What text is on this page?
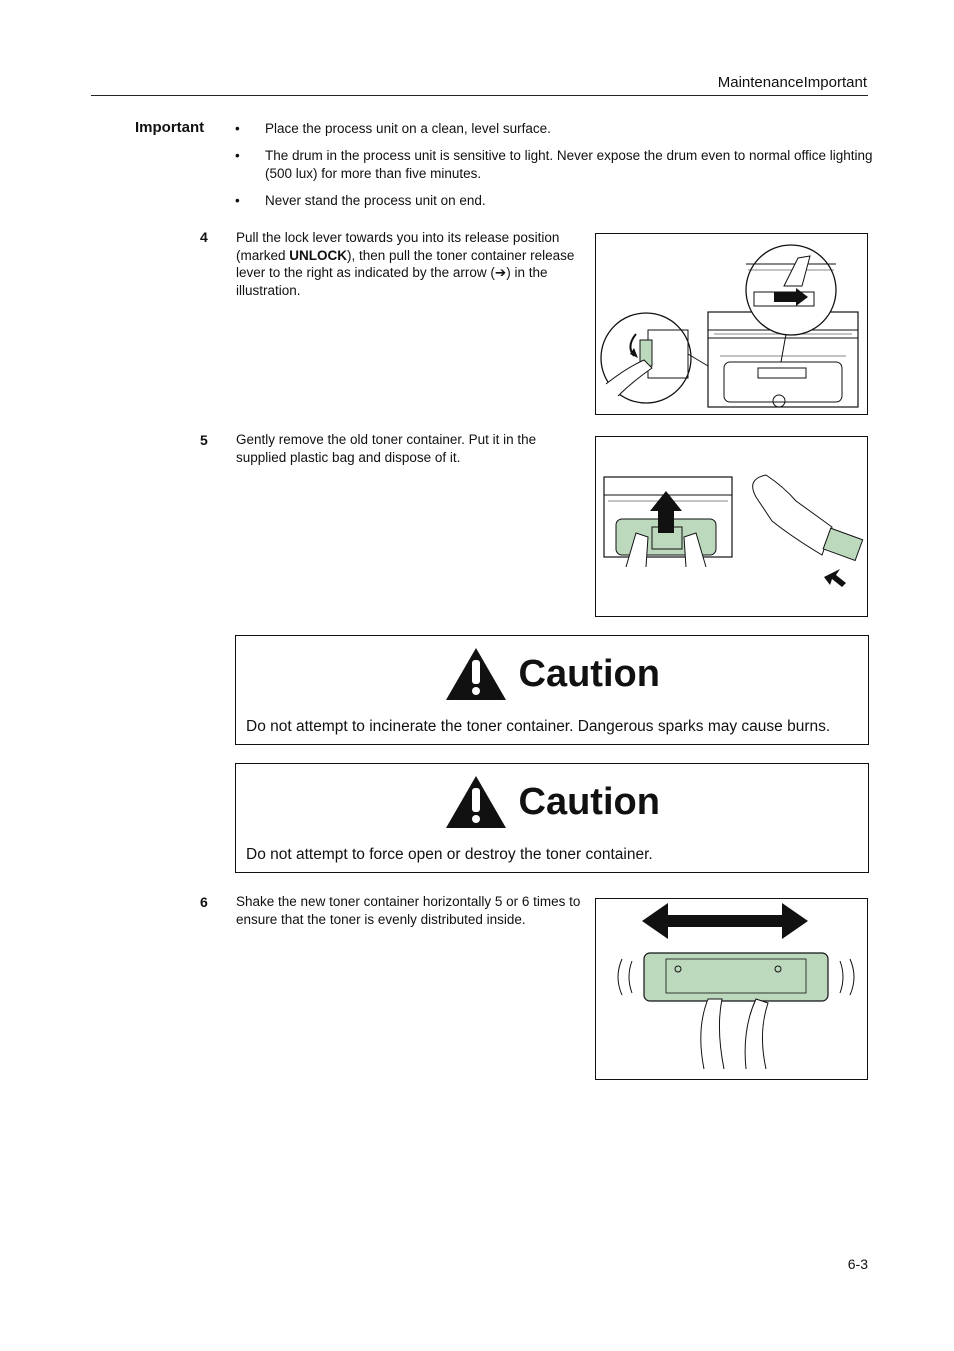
MaintenanceImportant
Important • Place the process unit on a clean, level surface.
• The drum in the process unit is sensitive to light. Never expose the drum even to normal office lighting (500 lux) for more than five minutes.
• Never stand the process unit on end.
4 Pull the lock lever towards you into its release position (marked UNLOCK), then pull the toner container release lever to the right as indicated by the arrow (➔) in the illustration.
5 Gently remove the old toner container. Put it in the supplied plastic bag and dispose of it.
Caution
Do not attempt to incinerate the toner container. Dangerous sparks may cause burns.
Caution
Do not attempt to force open or destroy the toner container.
6 Shake the new toner container horizontally 5 or 6 times to ensure that the toner is evenly distributed inside.
6-3
